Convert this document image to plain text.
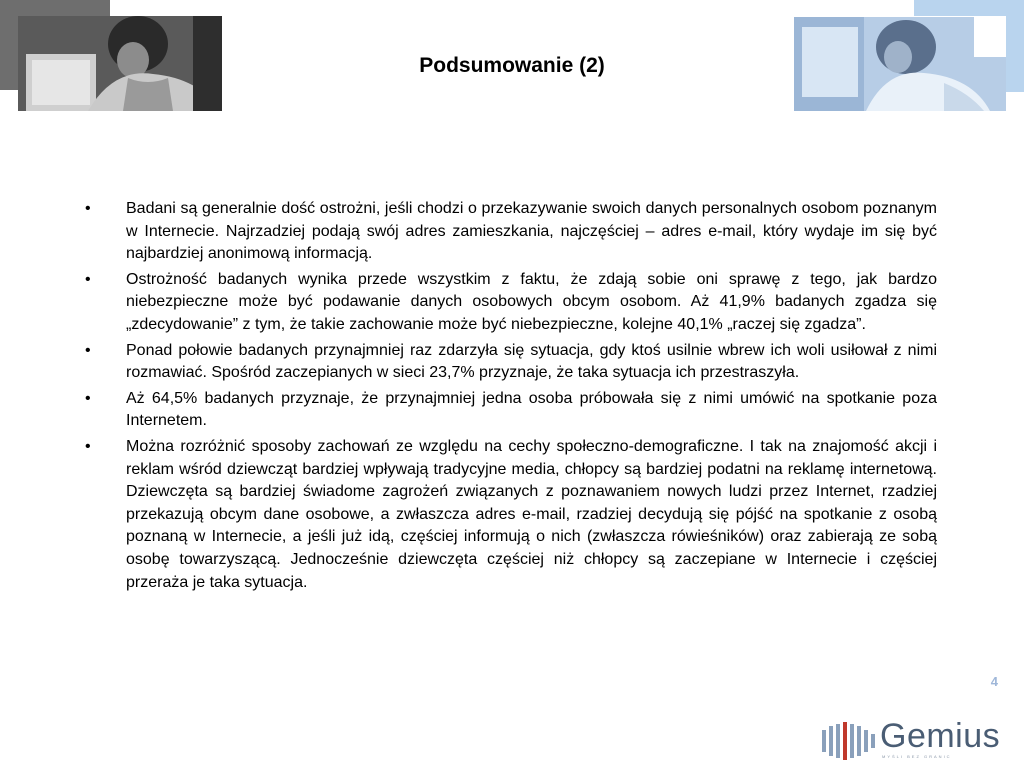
Podsumowanie (2)
• Badani są generalnie dość ostrożni, jeśli chodzi o przekazywanie swoich danych personalnych osobom poznanym w Internecie. Najrzadziej podają swój adres zamieszkania, najczęściej – adres e-mail, który wydaje im się być najbardziej anonimową informacją.
• Ostrożność badanych wynika przede wszystkim z faktu, że zdają sobie oni sprawę z tego, jak bardzo niebezpieczne może być podawanie danych osobowych obcym osobom. Aż 41,9% badanych zgadza się „zdecydowanie” z tym, że takie zachowanie może być niebezpieczne, kolejne 40,1% „raczej się zgadza”.
• Ponad połowie badanych przynajmniej raz zdarzyła się sytuacja, gdy ktoś usilnie wbrew ich woli usiłował z nimi rozmawiać. Spośród zaczepianych w sieci 23,7% przyznaje, że taka sytuacja ich przestraszyła.
• Aż 64,5% badanych przyznaje, że przynajmniej jedna osoba próbowała się z nimi umówić na spotkanie poza Internetem.
• Można rozróżnić sposoby zachowań ze względu na cechy społeczno-demograficzne. I tak na znajomość akcji i reklam wśród dziewcząt bardziej wpływają tradycyjne media, chłopcy są bardziej podatni na reklamę internetową. Dziewczęta są bardziej świadome zagrożeń związanych z poznawaniem nowych ludzi przez Internet, rzadziej przekazują obcym dane osobowe, a zwłaszcza adres e-mail, rzadziej decydują się pójść na spotkanie z osobą poznaną w Internecie, a jeśli już idą, częściej informują o nich (zwłaszcza rówieśników) oraz zabierają ze sobą osobę towarzyszącą. Jednocześnie dziewczęta częściej niż chłopcy są zaczepiane w Internecie i częściej przeraża je taka sytuacja.
4
Gemius
MYŚLI BEZ GRANIC
